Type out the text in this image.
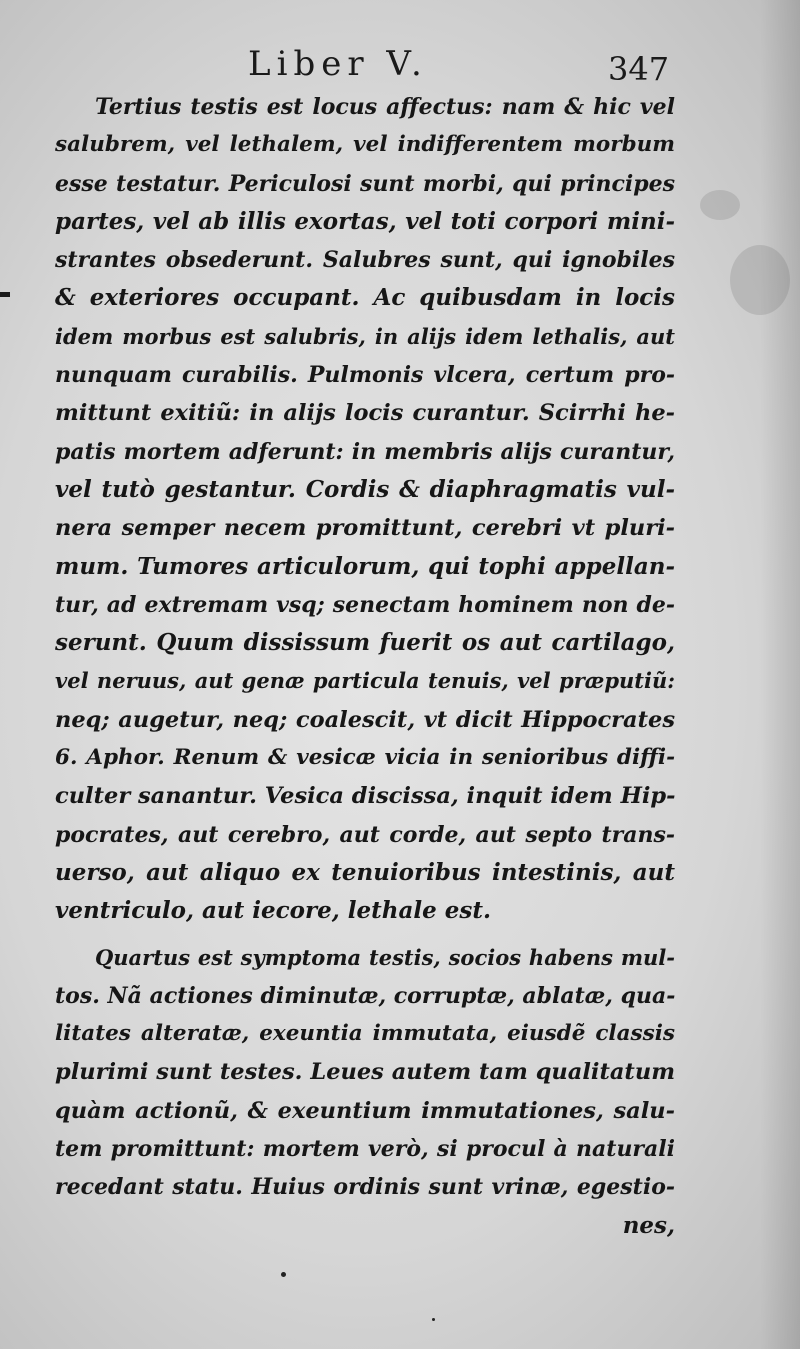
Liber V.	347
Tertius testis est locus affectus: nam & hic vel
salubrem, vel lethalem, vel indifferentem morbum
esse testatur. Periculosi sunt morbi, qui principes
partes, vel ab illis exortas, vel toti corpori mini-
strantes obsederunt. Salubres sunt, qui ignobiles
& exteriores occupant. Ac quibusdam in locis
idem morbus est salubris, in aliјs idem lethalis, aut
nunquam curabilis. Pulmonis vlcera, certum pro-
mittunt exitiũ: in aliјs locis curantur. Scirrhi he-
patis mortem adferunt: in membris aliјs curantur,
vel tutò gestantur. Cordis & diaphragmatis vul-
nera semper necem promittunt, cerebri vt pluri-
mum. Tumores articulorum, qui tophi appellan-
tur, ad extremam vsq; senectam hominem non de-
serunt. Quum dississum fuerit os aut cartilago,
vel neruus, aut genæ particula tenuis, vel præputiũ:
neq; augetur, neq; coalescit, vt dicit Hippocrates
6. Aphor. Renum & vesicæ vicia in senioribus diffi-
culter sanantur. Vesica discissa, inquit idem Hip-
pocrates, aut cerebro, aut corde, aut septo trans-
uerso, aut aliquo ex tenuioribus intestinis, aut
ventriculo, aut iecore, lethale est.
Quartus est symptoma testis, socios habens mul-
tos. Nã actiones diminutæ, corruptæ, ablatæ, qua-
litates alteratæ, exeuntia immutata, eiusdẽ classis
plurimi sunt testes. Leues autem tam qualitatum
quàm actionũ, & exeuntium immutationes, salu-
tem promittunt: mortem verò, si procul à naturali
recedant statu. Huius ordinis sunt vrinæ, egestio-
nes,
